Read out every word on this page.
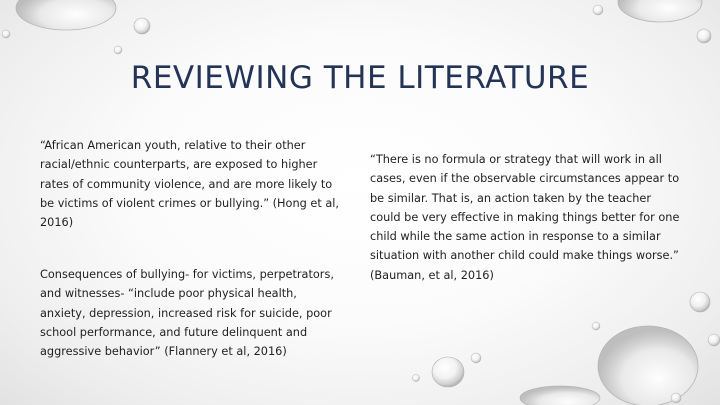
REVIEWING THE LITERATURE

“African American youth, relative to their other racial/ethnic counterparts, are exposed to higher rates of community violence, and are more likely to be victims of violent crimes or bullying.” (Hong et al, 2016)

Consequences of bullying- for victims, perpetrators, and witnesses- “include poor physical health, anxiety, depression, increased risk for suicide, poor school performance, and future delinquent and aggressive behavior” (Flannery et al, 2016)

“There is no formula or strategy that will work in all cases, even if the observable circumstances appear to be similar. That is, an action taken by the teacher could be very effective in making things better for one child while the same action in response to a similar situation with another child could make things worse.” (Bauman, et al, 2016)
